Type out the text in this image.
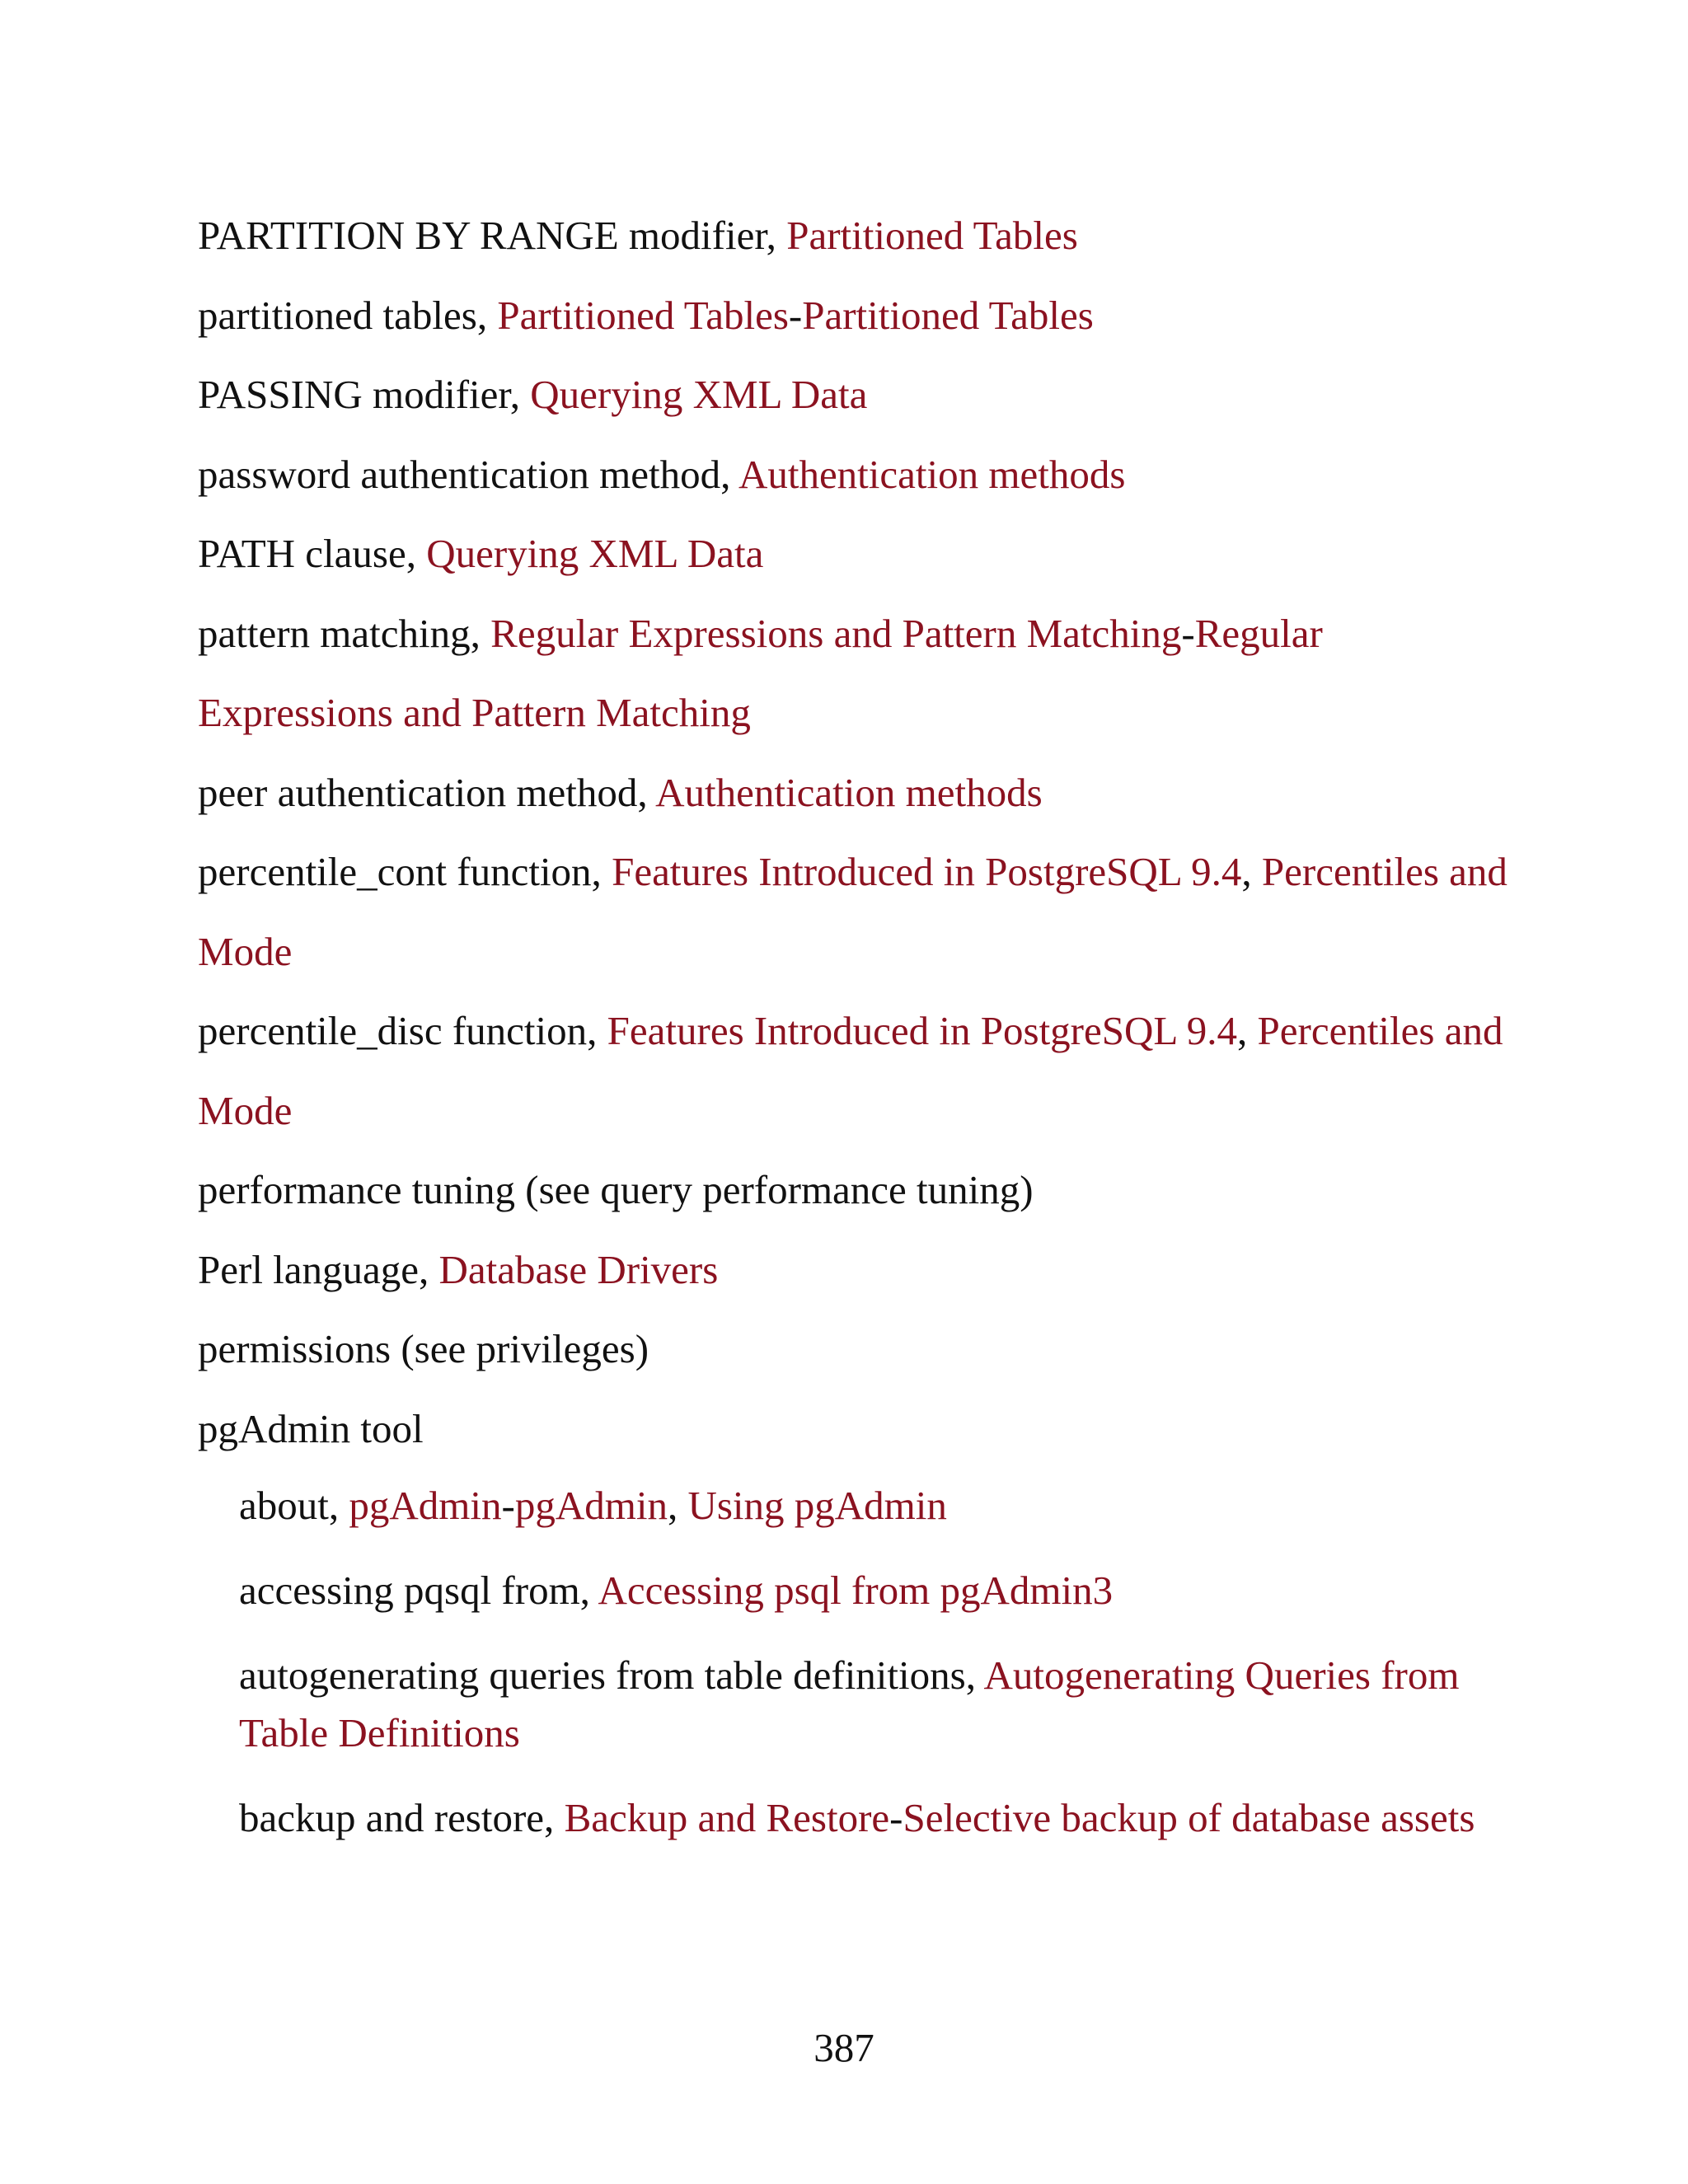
PARTITION BY RANGE modifier, Partitioned Tables
partitioned tables, Partitioned Tables-Partitioned Tables
PASSING modifier, Querying XML Data
password authentication method, Authentication methods
PATH clause, Querying XML Data
pattern matching, Regular Expressions and Pattern Matching-Regular Expressions and Pattern Matching
peer authentication method, Authentication methods
percentile_cont function, Features Introduced in PostgreSQL 9.4, Percentiles and Mode
percentile_disc function, Features Introduced in PostgreSQL 9.4, Percentiles and Mode
performance tuning (see query performance tuning)
Perl language, Database Drivers
permissions (see privileges)
pgAdmin tool
about, pgAdmin-pgAdmin, Using pgAdmin
accessing pqsql from, Accessing psql from pgAdmin3
autogenerating queries from table definitions, Autogenerating Queries from Table Definitions
backup and restore, Backup and Restore-Selective backup of database assets
387
